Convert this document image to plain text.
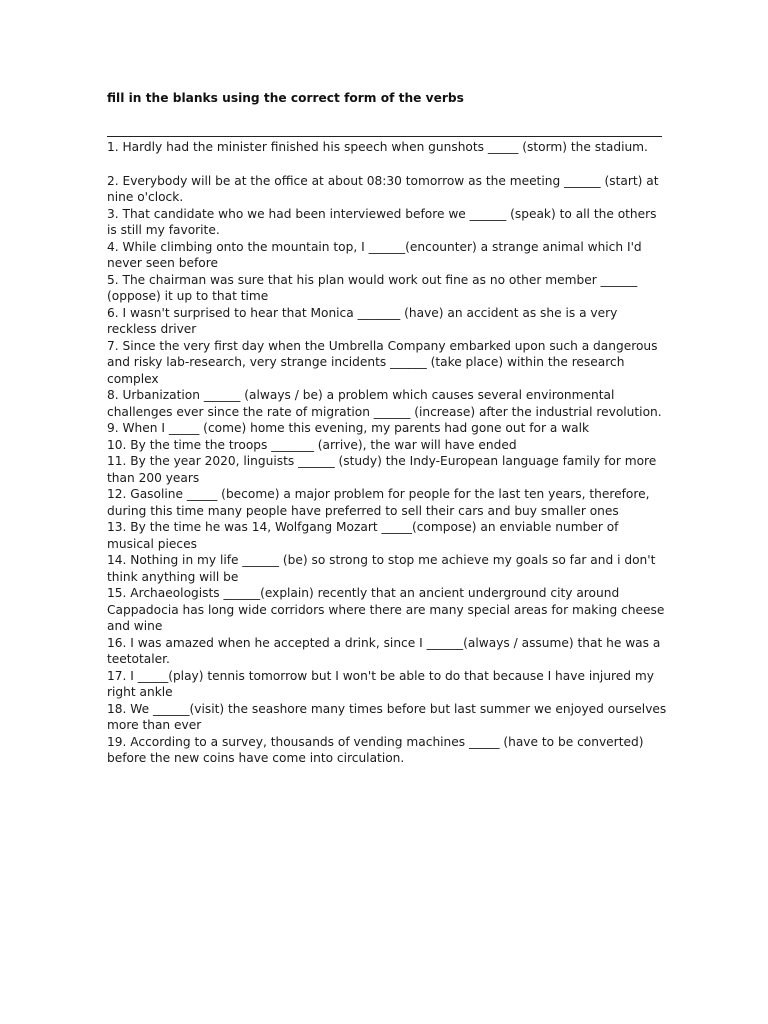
fill in the blanks using the correct form of the verbs

1. Hardly had the minister finished his speech when gunshots _____ (storm) the stadium.

2. Everybody will be at the office at about 08:30 tomorrow as the meeting ______ (start) at nine o'clock.

3. That candidate who we had been interviewed before we ______ (speak) to all the others is still my favorite.

4. While climbing onto the mountain top, I ______(encounter) a strange animal which I'd never seen before

5. The chairman was sure that his plan would work out fine as no other member ______ (oppose) it up to that time

6. I wasn't surprised to hear that Monica _______ (have) an accident as she is a very reckless driver

7. Since the very first day when the Umbrella Company embarked upon such a dangerous and risky lab-research, very strange incidents ______ (take place) within the research complex

8. Urbanization ______ (always / be) a problem which causes several environmental challenges ever since the rate of migration ______ (increase) after the industrial revolution.

9. When I _____ (come) home this evening, my parents had gone out for a walk

10. By the time the troops _______ (arrive), the war will have ended

11. By the year 2020, linguists ______ (study) the Indy-European language family for more than 200 years

12. Gasoline _____ (become) a major problem for people for the last ten years, therefore, during this time many people have preferred to sell their cars and buy smaller ones

13. By the time he was 14, Wolfgang Mozart _____(compose) an enviable number of musical pieces

14. Nothing in my life ______ (be) so strong to stop me achieve my goals so far and i don't think anything will be

15. Archaeologists ______(explain) recently that an ancient underground city around Cappadocia has long wide corridors where there are many special areas for making cheese and wine

16. I was amazed when he accepted a drink, since I ______(always / assume) that he was a teetotaler.

17. I _____(play) tennis tomorrow but I won't be able to do that because I have injured my right ankle

18. We ______(visit) the seashore many times before but last summer we enjoyed ourselves more than ever

19. According to a survey, thousands of vending machines _____ (have to be converted) before the new coins have come into circulation.
